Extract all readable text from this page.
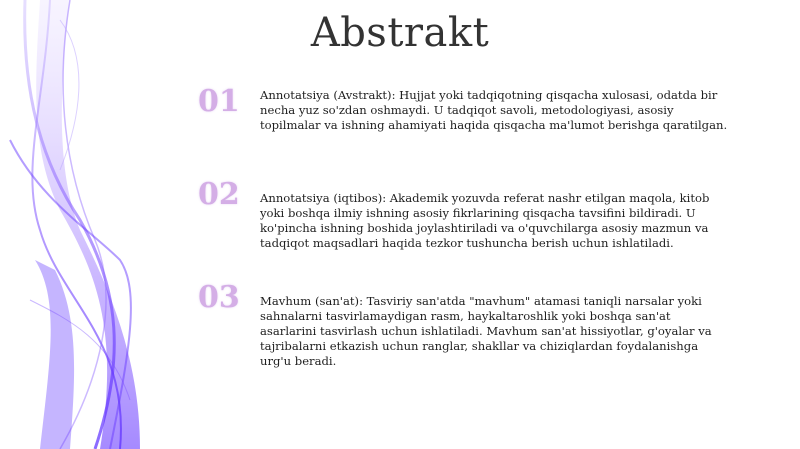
Abstrakt
01	Annotatsiya (Avstrakt): Hujjat yoki tadqiqotning qisqacha xulosasi, odatda bir necha yuz so'zdan oshmaydi. U tadqiqot savoli, metodologiyasi, asosiy topilmalar va ishning ahamiyati haqida qisqacha ma'lumot berishga qaratilgan.

02	Annotatsiya (iqtibos): Akademik yozuvda referat nashr etilgan maqola, kitob yoki boshqa ilmiy ishning asosiy fikrlarining qisqacha tavsifini bildiradi. U ko'pincha ishning boshida joylashtiriladi va o'quvchilarga asosiy mazmun va tadqiqot maqsadlari haqida tezkor tushuncha berish uchun ishlatiladi.

03	Mavhum (san'at): Tasviriy san'atda "mavhum" atamasi taniqli narsalar yoki sahnalarni tasvirlamaydigan rasm, haykaltaroshlik yoki boshqa san'at asarlarini tasvirlash uchun ishlatiladi. Mavhum san'at hissiyotlar, g'oyalar va tajribalarni etkazish uchun ranglar, shakllar va chiziqlardan foydalanishga urg'u beradi.
